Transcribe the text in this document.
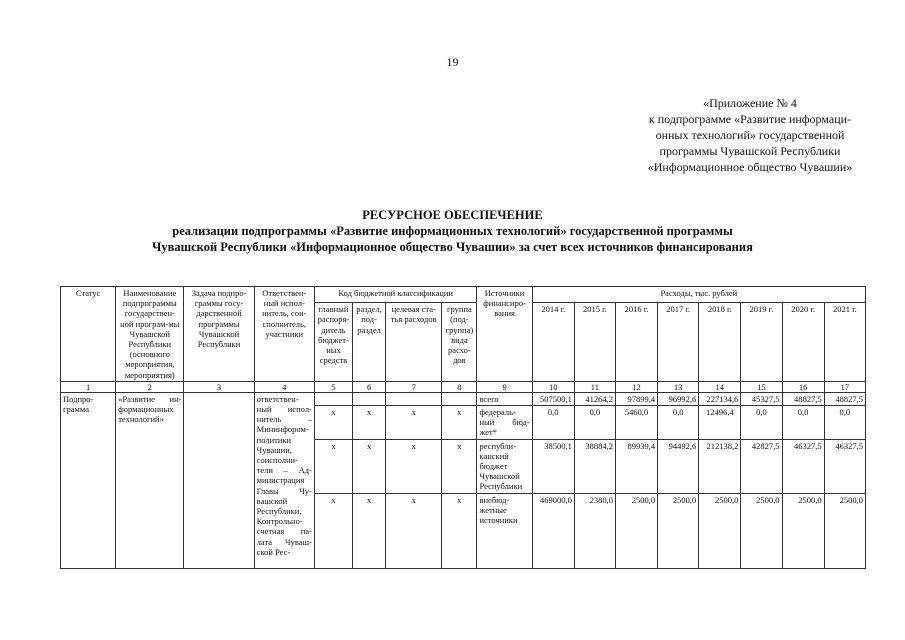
19
«Приложение № 4
к подпрограмме «Развитие информаци-
онных технологий» государственной
программы Чувашской Республики
«Информационное общество Чувашии»
РЕСУРСНОЕ ОБЕСПЕЧЕНИЕ
реализации подпрограммы «Развитие информационных технологий» государственной программы
Чувашской Республики «Информационное общество Чувашии» за счет всех источников финансирования
Статус	Наименование подпрограммы государствен-ной програм-мы Чувашской Республики (основного мероприятия, мероприятия)	Задача подпро-граммы госу-дарственной программы Чувашской Республики	Ответствен-ный испол-нитель, сои-сполнитель, участники	Код бюджетной классификации				Источники финансиро-вания	Расходы, тыс. рублей							
				главный распоря-дитель бюджет-ных средств	раздел, под-раздел	целевая ста-тья расходов	группа (под-группа) вида расхо-дов		2014 г.	2015 г.	2016 г.	2017 г.	2018 г.	2019 г.	2020 г.	2021 г.
1	2	3	4	5	6	7	8	9	10	11	12	13	14	15	16	17
Подпро-грамма	«Развитие ин-формационных технологий»		ответствен-ный испол-нитель – Мининфором-политики Чувашии, соисполни-тели – Ад-министрация Главы Чу-вашской Республики, Контрольно-счетная па-лата Чуваш-ской Рес-					всего	507500,1	41264,2	97899,4	96992,6	227134,6	45327,5	48827,5	48827,5
				x	x	x	x	федераль-ный бюд-жет*	0,0	0,0	5460,0	0,0	12496,4	0,0	0,0	0,0
				x	x	x	x	республи-канский бюджет Чувашской Республики	38500,1	38884,2	89939,4	94492,6	212138,2	42827,5	46327,5	46327,5
				x	x	x	x	внебюд-жетные источники	469000,0	2380,0	2500,0	2500,0	2500,0	2500,0	2500,0	2500,0
